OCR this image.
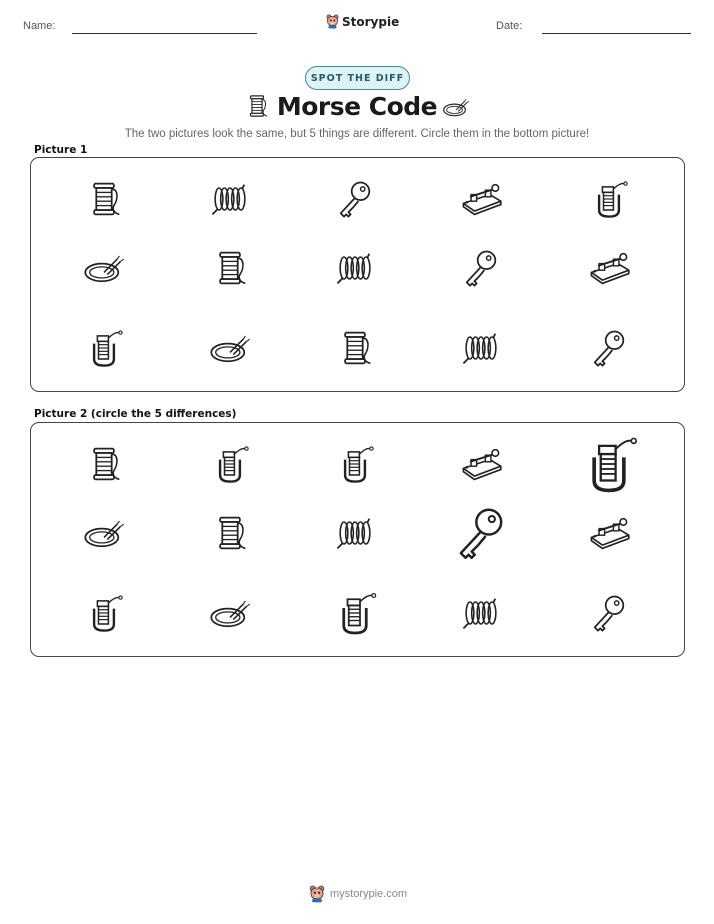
Name:	Storypie	Date:
SPOT THE DIFF
Morse Code
The two pictures look the same, but 5 things are different. Circle them in the bottom picture!
Picture 1
Picture 2 (circle the 5 differences)
mystorypie.com
